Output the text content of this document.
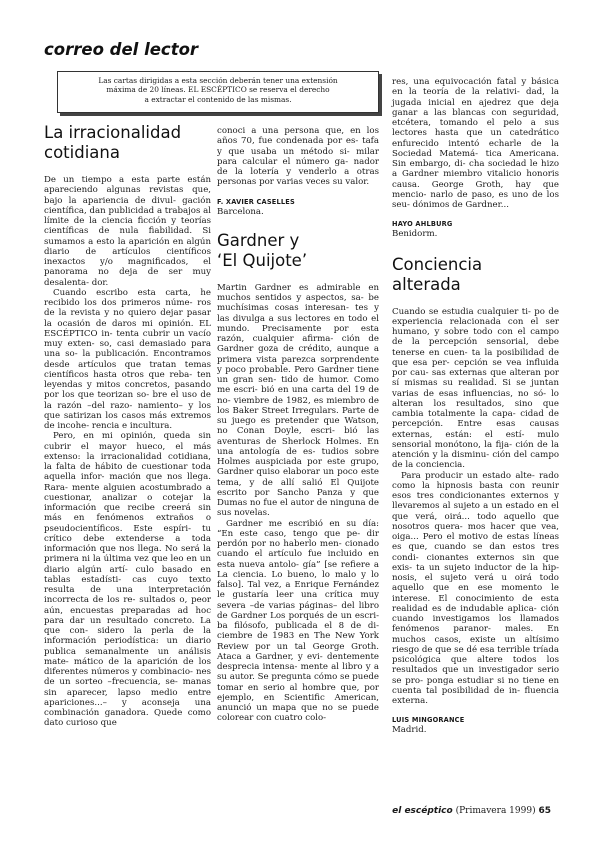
correo del lector
Las cartas dirigidas a esta sección deberán tener una extensión
máxima de 20 líneas. EL ESCÉPTICO se reserva el derecho
a extractar el contenido de las mismas.
La irracionalidad
cotidiana

De un tiempo a esta parte están apareciendo algunas revistas que, bajo la apariencia de divul- gación científica, dan publicidad a trabajos al límite de la ciencia ficción y teorías científicas de nula fiabilidad. Si sumamos a esto la aparición en algún diario de artículos científicos inexactos y/o magnificados, el panorama no deja de ser muy desalenta- dor.

Cuando escribo esta carta, he recibido los dos primeros núme- ros de la revista y no quiero dejar pasar la ocasión de daros mi opinión. EL ESCÉPTICO in- tenta cubrir un vacío muy exten- so, casi demasiado para una so- la publicación. Encontramos desde artículos que tratan temas científicos hasta otros que reba- ten leyendas y mitos concretos, pasando por los que teorizan so- bre el uso de la razón –del razo- namiento– y los que satirizan los casos más extremos de incohe- rencia e incultura.

Pero, en mi opinión, queda sin cubrir el mayor hueco, el más extenso: la irracionalidad cotidiana, la falta de hábito de cuestionar toda aquella infor- mación que nos llega. Rara- mente alguien acostumbrado a cuestionar, analizar o cotejar la información que recibe creerá sin más en fenómenos extraños o pseudocientíficos. Este espíri- tu crítico debe extenderse a toda información que nos llega. No será la primera ni la última vez que leo en un diario algún artí- culo basado en tablas estadísti- cas cuyo texto resulta de una interpretación incorrecta de los re- sultados o, peor aún, encuestas preparadas ad hoc para dar un resultado concreto. La que con- sidero la perla de la información periodística: un diario publica semanalmente un análisis mate- mático de la aparición de los diferentes números y combinacio- nes de un sorteo –frecuencia, se- manas sin aparecer, lapso medio entre apariciones...– y aconseja una combinación ganadora. Quede como dato curioso que

conoci a una persona que, en los años 70, fue condenada por es- tafa y que usaba un método si- milar para calcular el número ga- nador de la lotería y venderlo a otras personas por varias veces su valor.

F. XAVIER CASELLES
Barcelona.
Gardner y
‘El Quijote’

Martin Gardner es admirable en muchos sentidos y aspectos, sa- be muchísimas cosas interesan- tes y las divulga a sus lectores en todo el mundo. Precisamente por esta razón, cualquier afirma- ción de Gardner goza de crédito, aunque a primera vista parezca sorprendente y poco probable. Pero Gardner tiene un gran sen- tido de humor. Como me escri- bió en una carta del 19 de no- viembre de 1982, es miembro de los Baker Street Irregulars. Parte de su juego es pretender que Watson, no Conan Doyle, escri- bió las aventuras de Sherlock Holmes. En una antología de es- tudios sobre Holmes auspiciada por este grupo, Gardner quiso elaborar un poco este tema, y de allí salió El Quijote escrito por Sancho Panza y que Dumas no fue el autor de ninguna de sus novelas.

Gardner me escribió en su día: “En este caso, tengo que pe- dir perdón por no haberlo men- cionado cuando el artículo fue incluido en esta nueva antolo- gía” [se refiere a La ciencia. Lo bueno, lo malo y lo falso]. Tal vez, a Enrique Fernández le gustaría leer una crítica muy severa –de varias páginas– del libro de Gardner Los porqués de un escri- ba filósofo, publicada el 8 de di- ciembre de 1983 en The New York Review por un tal George Groth. Ataca a Gardner, y evi- dentemente desprecia intensa- mente al libro y a su autor. Se pregunta cómo se puede tomar en serio al hombre que, por ejemplo, en Scientific American, anunció un mapa que no se puede colorear con cuatro colo-

res, una equivocación fatal y básica en la teoría de la relativi- dad, la jugada inicial en ajedrez que deja ganar a las blancas con seguridad, etcétera, tomando el pelo a sus lectores hasta que un catedrático enfurecido intentó echarle de la Sociedad Matemá- tica Americana. Sin embargo, di- cha sociedad le hizo a Gardner miembro vitalicio honoris causa. George Groth, hay que mencio- narlo de paso, es uno de los seu- dónimos de Gardner...

HAYO AHLBURG
Benidorm.
Conciencia
alterada

Cuando se estudia cualquier ti- po de experiencia relacionada con el ser humano, y sobre todo con el campo de la percepción sensorial, debe tenerse en cuen- ta la posibilidad de que esa per- cepción se vea influida por cau- sas externas que alteran por sí mismas su realidad. Si se juntan varias de esas influencias, no só- lo alteran los resultados, sino que cambia totalmente la capa- cidad de percepción. Entre esas causas externas, están: el estí- mulo sensorial monótono, la fija- ción de la atención y la disminu- ción del campo de la conciencia.

Para producir un estado alte- rado como la hipnosis basta con reunir esos tres condicionantes externos y llevaremos al sujeto a un estado en el que verá, oirá... todo aquello que nosotros quera- mos hacer que vea, oiga... Pero el motivo de estas líneas es que, cuando se dan estos tres condi- cionantes externos sin que exis- ta un sujeto inductor de la hip- nosis, el sujeto verá u oirá todo aquello que en ese momento le interese. El conocimiento de esta realidad es de indudable aplica- ción cuando investigamos los llamados fenómenos paranor- males. En muchos casos, existe un altísimo riesgo de que se dé esa terrible tríada psicológica que altere todos los resultados que un investigador serio se pro- ponga estudiar si no tiene en cuenta tal posibilidad de in- fluencia externa.

LUIS MINGORANCE
Madrid.
el escéptico (Primavera 1999) 65
